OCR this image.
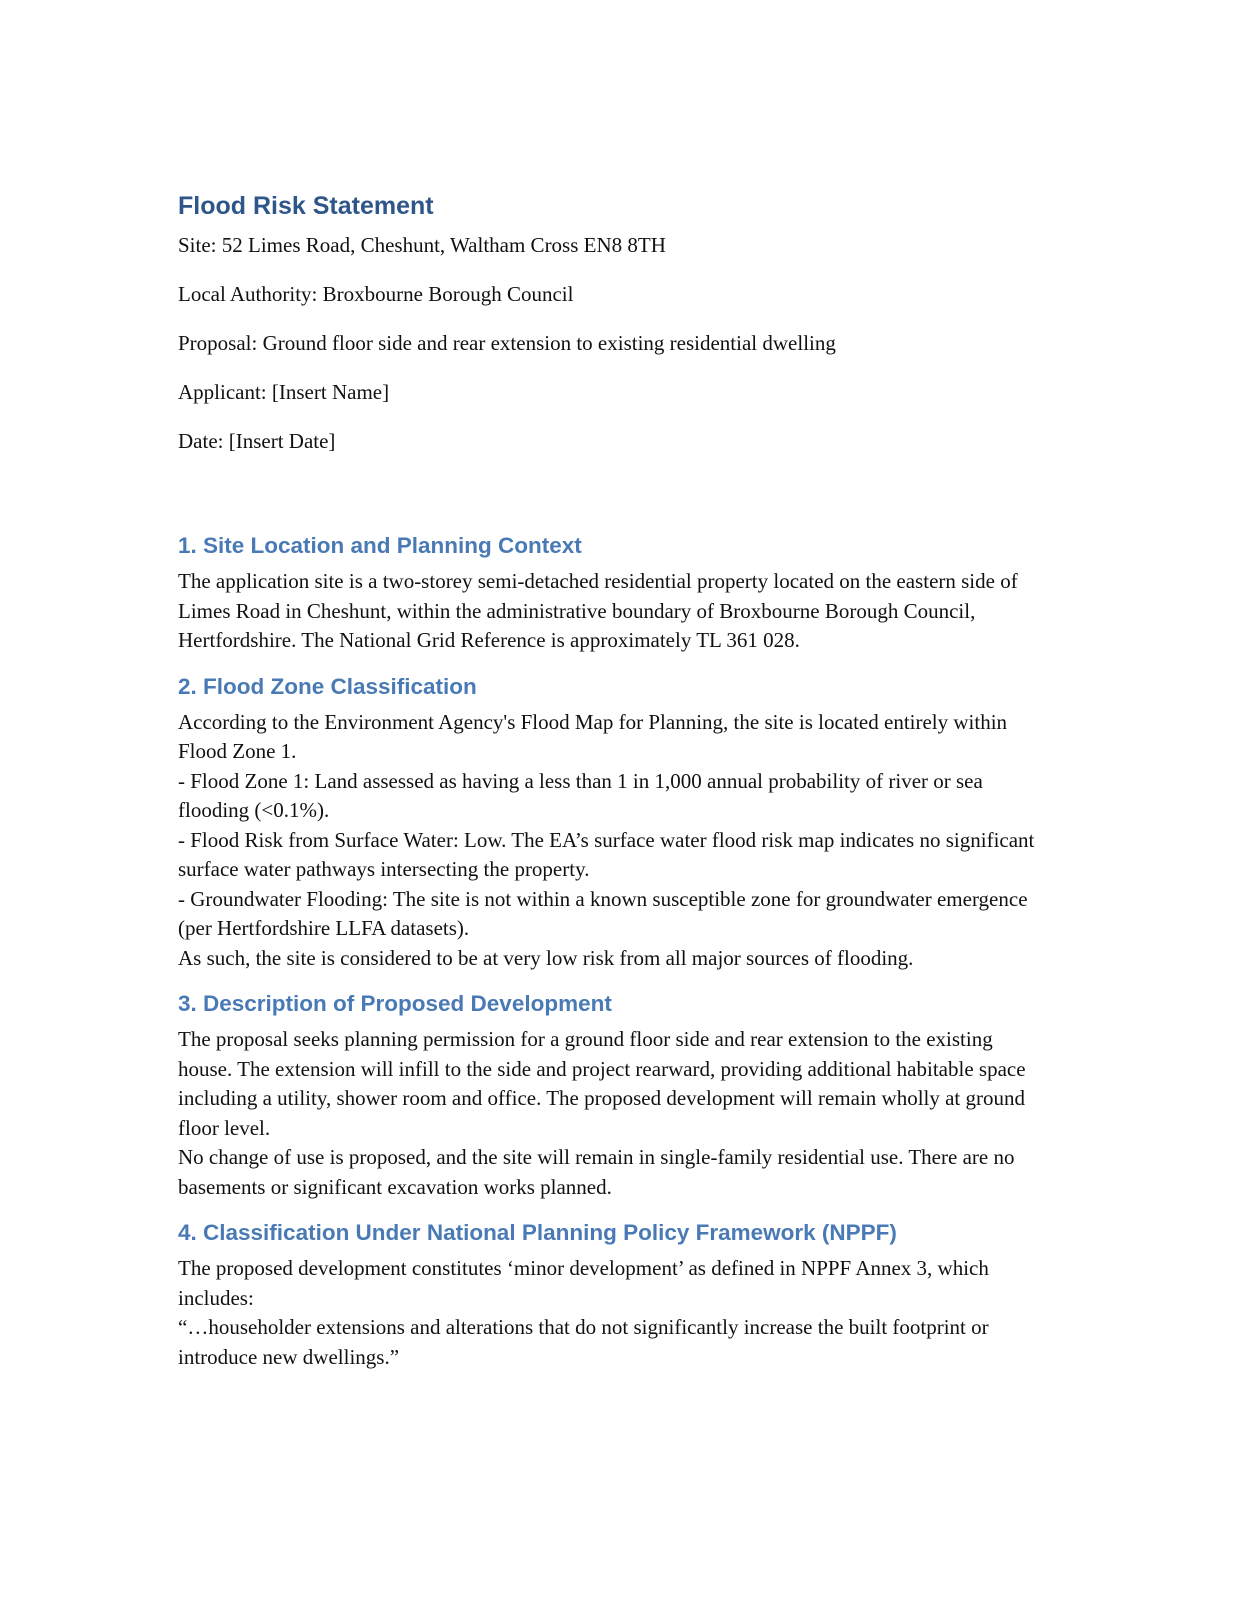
Flood Risk Statement

Site: 52 Limes Road, Cheshunt, Waltham Cross EN8 8TH

Local Authority: Broxbourne Borough Council

Proposal: Ground floor side and rear extension to existing residential dwelling

Applicant: [Insert Name]

Date: [Insert Date]

1. Site Location and Planning Context

The application site is a two-storey semi-detached residential property located on the eastern side of Limes Road in Cheshunt, within the administrative boundary of Broxbourne Borough Council, Hertfordshire. The National Grid Reference is approximately TL 361 028.

2. Flood Zone Classification

According to the Environment Agency's Flood Map for Planning, the site is located entirely within Flood Zone 1.

- Flood Zone 1: Land assessed as having a less than 1 in 1,000 annual probability of river or sea flooding (<0.1%).

- Flood Risk from Surface Water: Low. The EA’s surface water flood risk map indicates no significant surface water pathways intersecting the property.

- Groundwater Flooding: The site is not within a known susceptible zone for groundwater emergence (per Hertfordshire LLFA datasets).

As such, the site is considered to be at very low risk from all major sources of flooding.

3. Description of Proposed Development

The proposal seeks planning permission for a ground floor side and rear extension to the existing house. The extension will infill to the side and project rearward, providing additional habitable space including a utility, shower room and office. The proposed development will remain wholly at ground floor level.

No change of use is proposed, and the site will remain in single-family residential use. There are no basements or significant excavation works planned.

4. Classification Under National Planning Policy Framework (NPPF)

The proposed development constitutes ‘minor development’ as defined in NPPF Annex 3, which includes:

“…householder extensions and alterations that do not significantly increase the built footprint or introduce new dwellings.”
